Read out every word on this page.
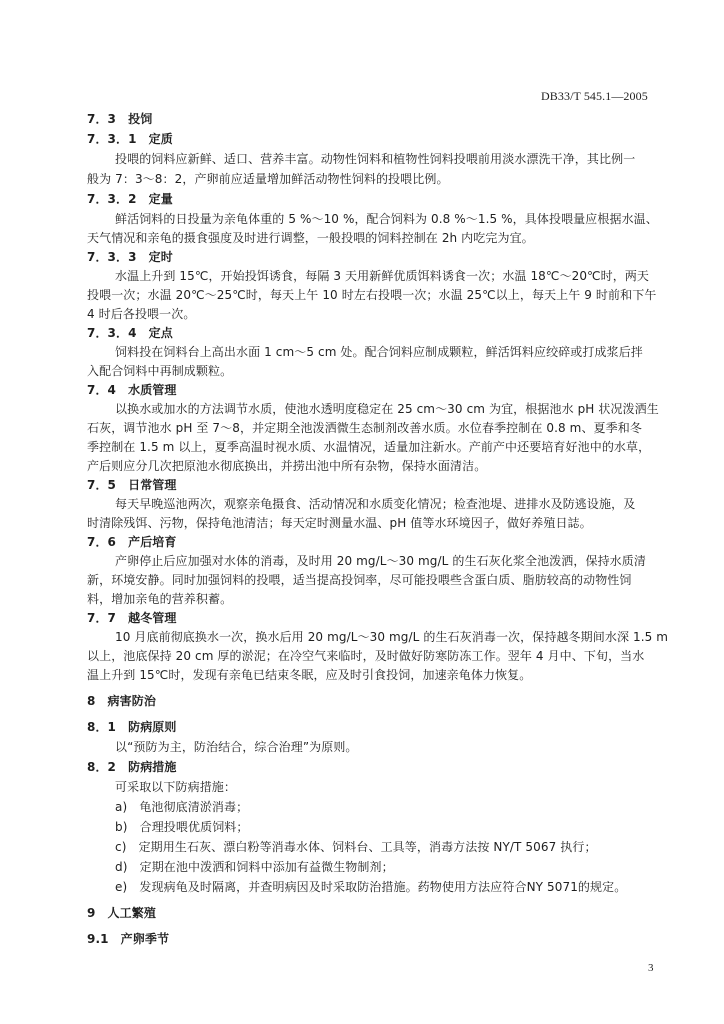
DB33/T 545.1—2005
7．3　投饲
7．3．1　定质
投喂的饲料应新鲜、适口、营养丰富。动物性饲料和植物性饲料投喂前用淡水漂洗干净，其比例一
般为 7：3～8：2，产卵前应适量增加鲜活动物性饲料的投喂比例。
7．3．2　定量
鲜活饲料的日投量为亲龟体重的 5 %～10 %，配合饲料为 0.8 %～1.5 %，具体投喂量应根据水温、
天气情况和亲龟的摄食强度及时进行调整，一般投喂的饲料控制在 2h 内吃完为宜。
7．3．3　定时
水温上升到 15℃，开始投饵诱食，每隔 3 天用新鲜优质饵料诱食一次；水温 18℃～20℃时，两天
投喂一次；水温 20℃～25℃时，每天上午 10 时左右投喂一次；水温 25℃以上，每天上午 9 时前和下午
4 时后各投喂一次。
7．3．4　定点
饲料投在饲料台上高出水面 1 cm～5 cm 处。配合饲料应制成颗粒，鲜活饵料应绞碎或打成浆后拌
入配合饲料中再制成颗粒。
7．4　水质管理
以换水或加水的方法调节水质，使池水透明度稳定在 25 cm～30 cm 为宜，根据池水 pH 状况泼洒生
石灰，调节池水 pH 至 7～8，并定期全池泼洒微生态制剂改善水质。水位春季控制在 0.8 m、夏季和冬
季控制在 1.5 m 以上，夏季高温时视水质、水温情况，适量加注新水。产前产中还要培育好池中的水草，
产后则应分几次把原池水彻底换出，并捞出池中所有杂物，保持水面清洁。
7．5　日常管理
每天早晚巡池两次，观察亲龟摄食、活动情况和水质变化情况；检查池堤、进排水及防逃设施，及
时清除残饵、污物，保持龟池清洁；每天定时测量水温、pH 值等水环境因子，做好养殖日誌。
7．6　产后培育
产卵停止后应加强对水体的消毒，及时用 20 mg/L～30 mg/L 的生石灰化浆全池泼洒，保持水质清
新，环境安静。同时加强饲料的投喂，适当提高投饲率，尽可能投喂些含蛋白质、脂肪较高的动物性饲
料，增加亲龟的营养积蓄。
7．7　越冬管理
10 月底前彻底换水一次，换水后用 20 mg/L～30 mg/L 的生石灰消毒一次，保持越冬期间水深 1.5 m
以上，池底保持 20 cm 厚的淤泥；在冷空气来临时，及时做好防寒防冻工作。翌年 4 月中、下旬，当水
温上升到 15℃时，发现有亲龟已结束冬眠，应及时引食投饲，加速亲龟体力恢复。
8　病害防治
8．1　防病原则
以“预防为主，防治结合，综合治理”为原则。
8．2　防病措施
可采取以下防病措施：
a)　龟池彻底清淤消毒；
b)　合理投喂优质饲料；
c)　定期用生石灰、漂白粉等消毒水体、饲料台、工具等，消毒方法按 NY/T 5067 执行；
d)　定期在池中泼洒和饲料中添加有益微生物制剂；
e)　发现病龟及时隔离，并查明病因及时采取防治措施。药物使用方法应符合NY 5071的规定。
9　人工繁殖
9.1　产卵季节
3
